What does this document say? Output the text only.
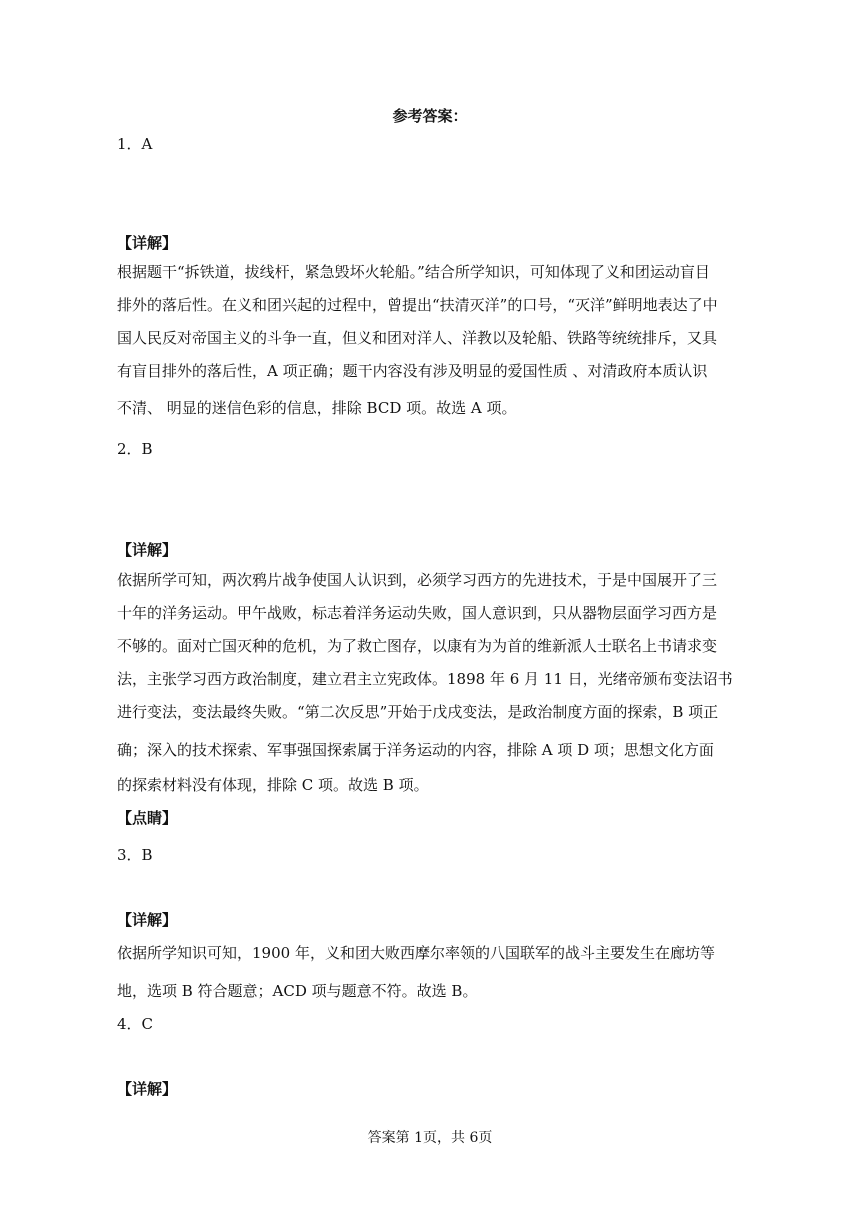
参考答案：
1．A
【详解】
根据题干“拆铁道，拔线杆，紧急毁坏火轮船。”结合所学知识，可知体现了义和团运动盲目
排外的落后性。在义和团兴起的过程中，曾提出“扶清灭洋”的口号，“灭洋”鲜明地表达了中
国人民反对帝国主义的斗争一直，但义和团对洋人、洋教以及轮船、铁路等统统排斥，又具
有盲目排外的落后性，A 项正确；题干内容没有涉及明显的爱国性质 、对清政府本质认识
不清、 明显的迷信色彩的信息，排除 BCD 项。故选 A 项。
2．B
【详解】
依据所学可知，两次鸦片战争使国人认识到，必须学习西方的先进技术，于是中国展开了三
十年的洋务运动。甲午战败，标志着洋务运动失败，国人意识到，只从器物层面学习西方是
不够的。面对亡国灭种的危机，为了救亡图存，以康有为为首的维新派人士联名上书请求变
法，主张学习西方政治制度，建立君主立宪政体。1898 年 6 月 11 日，光绪帝颁布变法诏书
进行变法，变法最终失败。“第二次反思”开始于戊戌变法，是政治制度方面的探索，B 项正
确；深入的技术探索、军事强国探索属于洋务运动的内容，排除 A 项 D 项；思想文化方面
的探索材料没有体现，排除 C 项。故选 B 项。
【点睛】
3．B
【详解】
依据所学知识可知，1900 年，义和团大败西摩尔率领的八国联军的战斗主要发生在廊坊等
地，选项 B 符合题意；ACD 项与题意不符。故选 B。
4．C
【详解】
答案第 1页，共 6页
